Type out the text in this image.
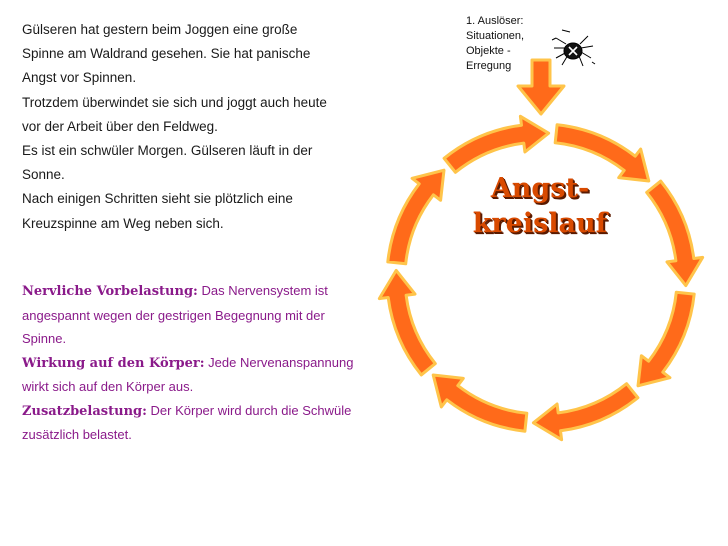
Gülseren hat gestern beim Joggen eine große

Spinne am Waldrand gesehen. Sie hat panische

Angst vor Spinnen.

Trotzdem überwindet sie sich und joggt auch heute

vor der Arbeit über den Feldweg.

Es ist ein schwüler Morgen. Gülseren läuft in der

Sonne.

Nach einigen Schritten sieht sie plötzlich eine

Kreuzspinne am Weg neben sich.

Nervliche Vorbelastung: Das Nervensystem ist angespannt wegen der gestrigen Begegnung mit der Spinne.

Wirkung auf den Körper: Jede Nervenanspannung wirkt sich auf den Körper aus.

Zusatzbelastung: Der Körper wird durch die Schwüle zusätzlich belastet.

1. Auslöser:
Situationen,
Objekte -
Erregung
Angst-
kreislauf
